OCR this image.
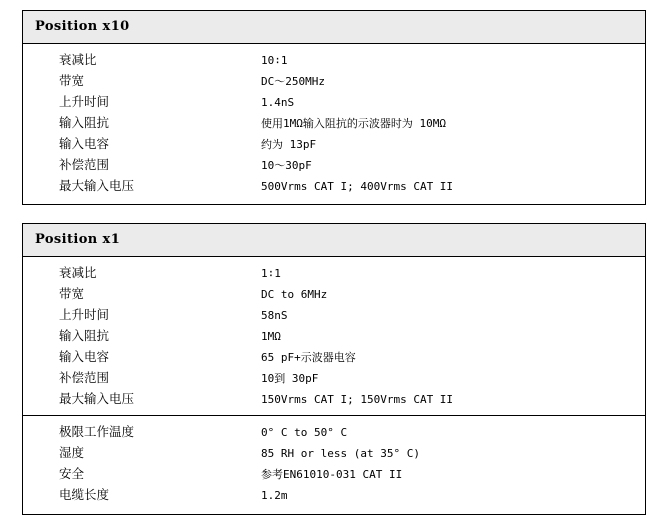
Position x10
衰减比	10∶1
带宽	DC～250MHz
上升时间	1.4nS
输入阻抗	使用1MΩ输入阻抗的示波器时为 10MΩ
输入电容	约为 13pF
补偿范围	10～30pF
最大输入电压	500Vrms CAT I; 400Vrms CAT II
Position x1
衰减比	1∶1
带宽	DC to 6MHz
上升时间	58nS
输入阻抗	1MΩ
输入电容	65 pF+示波器电容
补偿范围	10到 30pF
最大输入电压	150Vrms CAT I; 150Vrms CAT II
极限工作温度	0° C to 50° C
湿度	85 RH or less (at 35° C)
安全	参考EN61010-031 CAT II
电缆长度	1.2m
